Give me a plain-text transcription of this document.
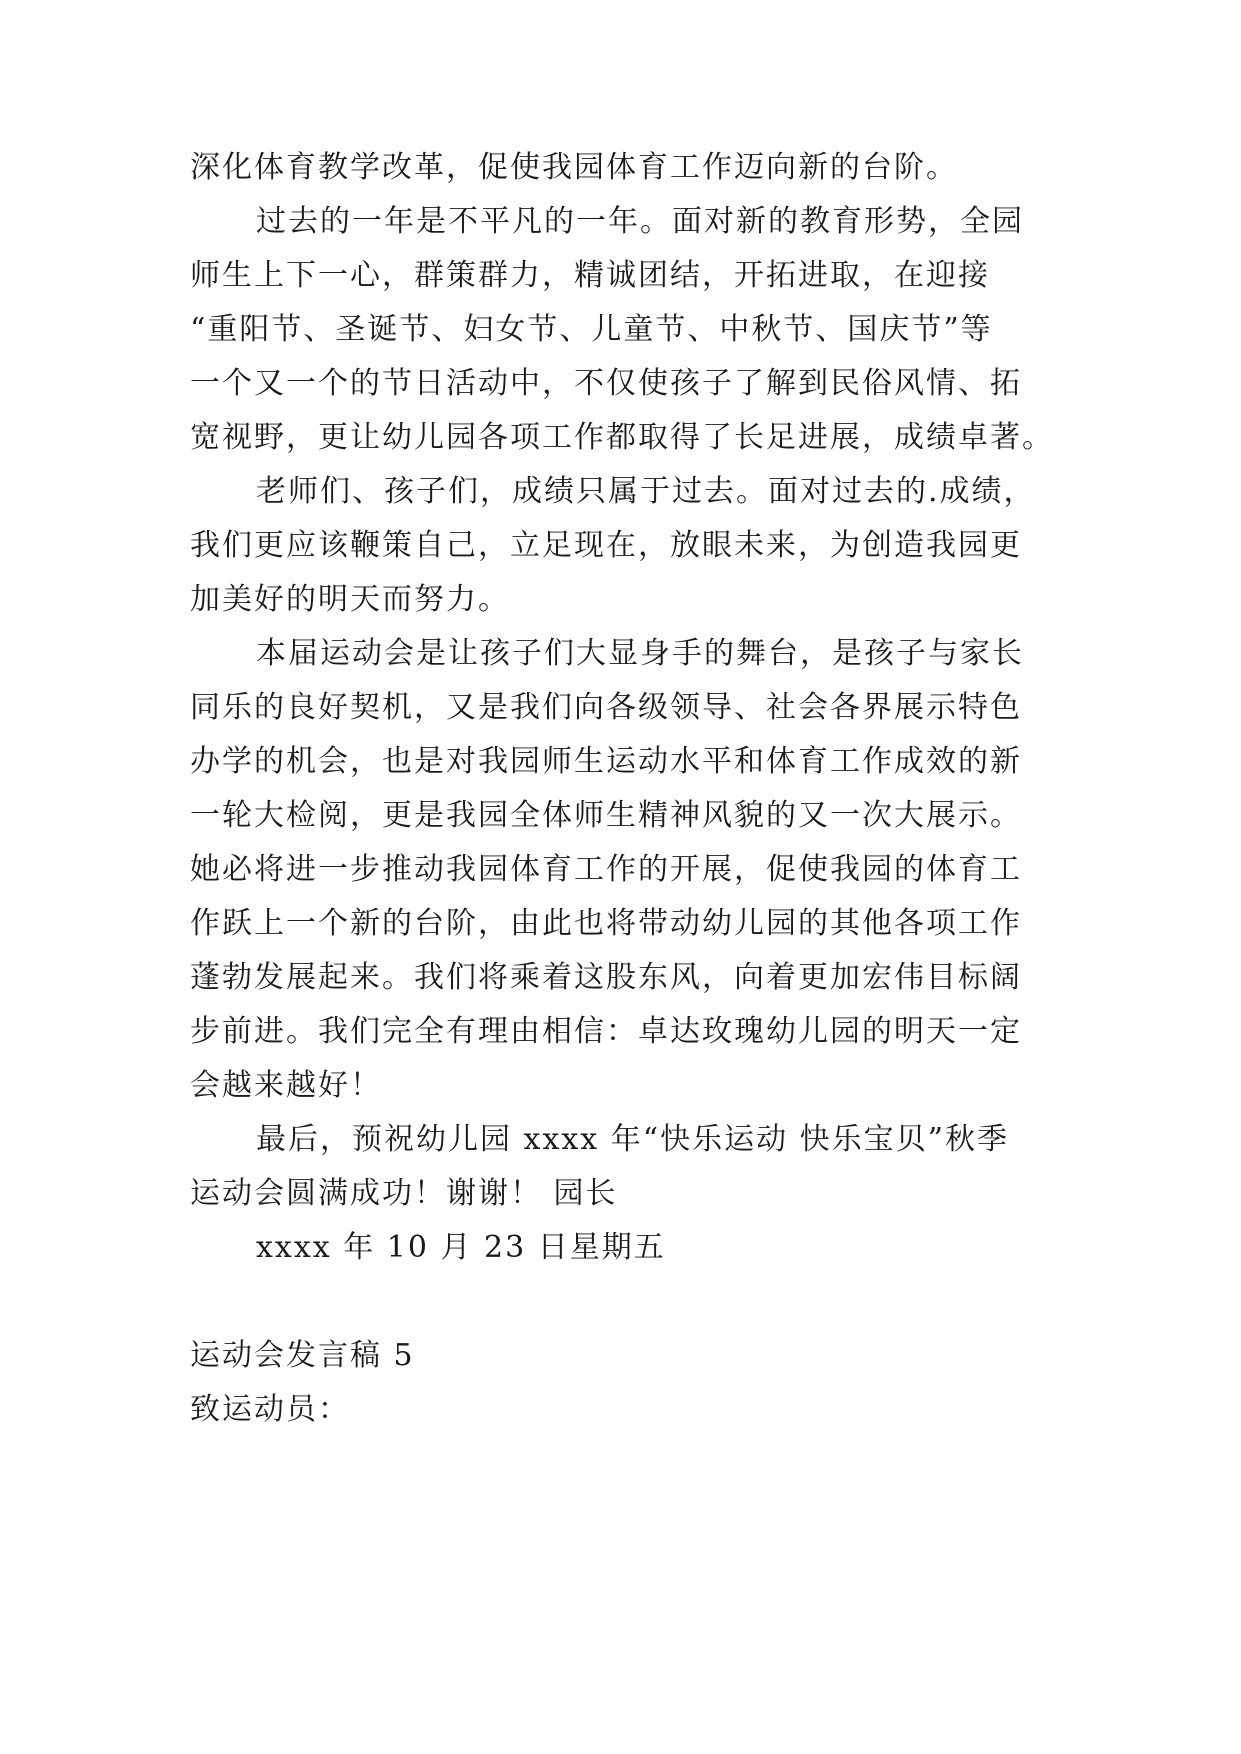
深化体育教学改革，促使我园体育工作迈向新的台阶。
过去的一年是不平凡的一年。面对新的教育形势，全园
师生上下一心，群策群力，精诚团结，开拓进取，在迎接
“重阳节、圣诞节、妇女节、儿童节、中秋节、国庆节”等
一个又一个的节日活动中，不仅使孩子了解到民俗风情、拓
宽视野，更让幼儿园各项工作都取得了长足进展，成绩卓著。
老师们、孩子们，成绩只属于过去。面对过去的.成绩，
我们更应该鞭策自己，立足现在，放眼未来，为创造我园更
加美好的明天而努力。
本届运动会是让孩子们大显身手的舞台，是孩子与家长
同乐的良好契机，又是我们向各级领导、社会各界展示特色
办学的机会，也是对我园师生运动水平和体育工作成效的新
一轮大检阅，更是我园全体师生精神风貌的又一次大展示。
她必将进一步推动我园体育工作的开展，促使我园的体育工
作跃上一个新的台阶，由此也将带动幼儿园的其他各项工作
蓬勃发展起来。我们将乘着这股东风，向着更加宏伟目标阔
步前进。我们完全有理由相信：卓达玫瑰幼儿园的明天一定
会越来越好！
最后，预祝幼儿园 xxxx 年“快乐运动 快乐宝贝”秋季
运动会圆满成功！谢谢！ 园长
xxxx 年 10 月 23 日星期五
运动会发言稿 5
致运动员：
